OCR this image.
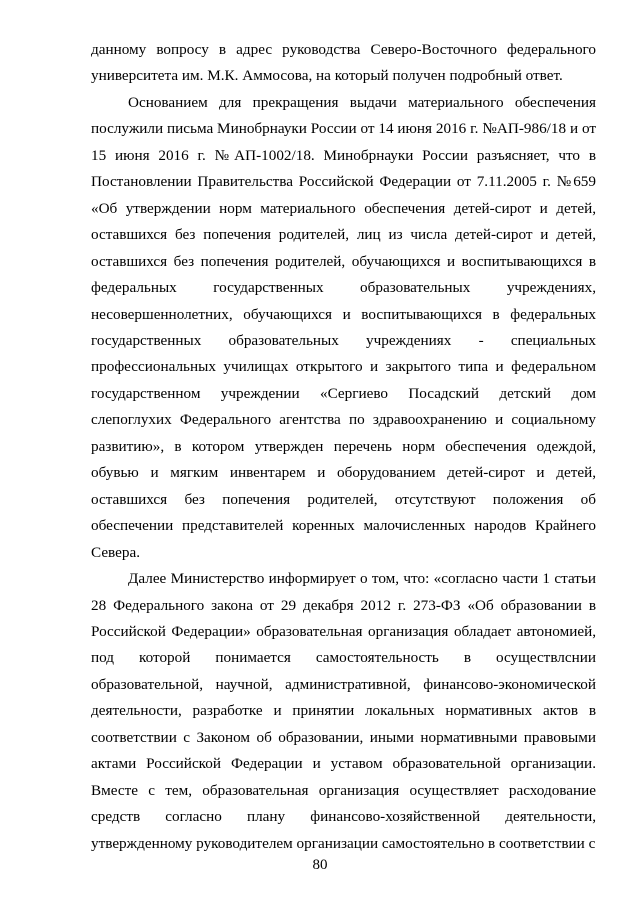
данному вопросу в адрес руководства Северо-Восточного федерального университета им. М.К. Аммосова, на который получен подробный ответ.

Основанием для прекращения выдачи материального обеспечения послужили письма Минобрнауки России от 14 июня 2016 г. №АП-986/18 и от 15 июня 2016 г. №АП-1002/18. Минобрнауки России разъясняет, что в Постановлении Правительства Российской Федерации от 7.11.2005 г. №659 «Об утверждении норм материального обеспечения детей-сирот и детей, оставшихся без попечения родителей, лиц из числа детей-сирот и детей, оставшихся без попечения родителей, обучающихся и воспитывающихся в федеральных государственных образовательных учреждениях, несовершеннолетних, обучающихся и воспитывающихся в федеральных государственных образовательных учреждениях - специальных профессиональных училищах открытого и закрытого типа и федеральном государственном учреждении «Сергиево Посадский детский дом слепоглухих Федерального агентства по здравоохранению и социальному развитию», в котором утвержден перечень норм обеспечения одеждой, обувью и мягким инвентарем и оборудованием детей-сирот и детей, оставшихся без попечения родителей, отсутствуют положения об обеспечении представителей коренных малочисленных народов Крайнего Севера.

Далее Министерство информирует о том, что: «согласно части 1 статьи 28 Федерального закона от 29 декабря 2012 г. 273-ФЗ «Об образовании в Российской Федерации» образовательная организация обладает автономией, под которой понимается самостоятельность в осуществлснии образовательной, научной, административной, финансово-экономической деятельности, разработке и принятии локальных нормативных актов в соответствии с Законом об образовании, иными нормативными правовыми актами Российской Федерации и уставом образовательной организации. Вместе с тем, образовательная организация осуществляет расходование средств согласно плану финансово-хозяйственной деятельности, утвержденному руководителем организации самостоятельно в соответствии с

80
